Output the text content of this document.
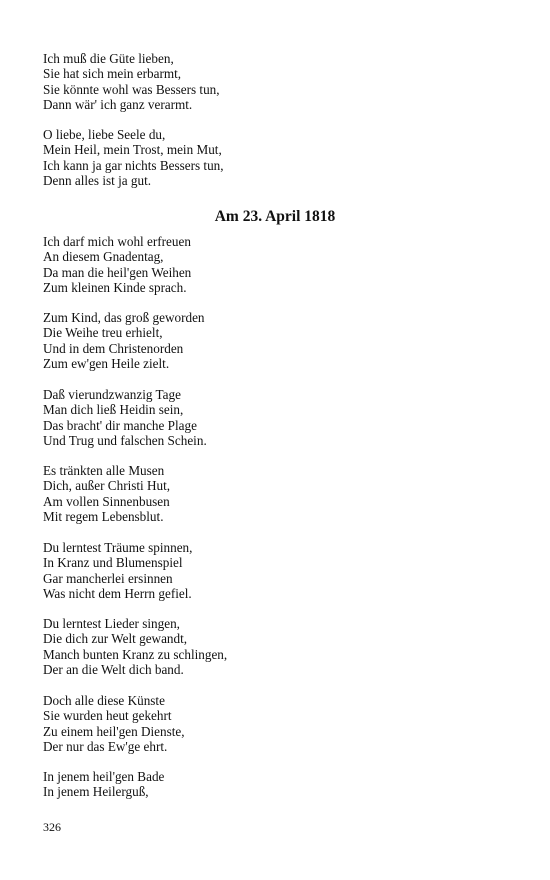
Ich muß die Güte lieben,
Sie hat sich mein erbarmt,
Sie könnte wohl was Bessers tun,
Dann wär' ich ganz verarmt.
O liebe, liebe Seele du,
Mein Heil, mein Trost, mein Mut,
Ich kann ja gar nichts Bessers tun,
Denn alles ist ja gut.
Am 23. April 1818
Ich darf mich wohl erfreuen
An diesem Gnadentag,
Da man die heil'gen Weihen
Zum kleinen Kinde sprach.
Zum Kind, das groß geworden
Die Weihe treu erhielt,
Und in dem Christenorden
Zum ew'gen Heile zielt.
Daß vierundzwanzig Tage
Man dich ließ Heidin sein,
Das bracht' dir manche Plage
Und Trug und falschen Schein.
Es tränkten alle Musen
Dich, außer Christi Hut,
Am vollen Sinnenbusen
Mit regem Lebensblut.
Du lerntest Träume spinnen,
In Kranz und Blumenspiel
Gar mancherlei ersinnen
Was nicht dem Herrn gefiel.
Du lerntest Lieder singen,
Die dich zur Welt gewandt,
Manch bunten Kranz zu schlingen,
Der an die Welt dich band.
Doch alle diese Künste
Sie wurden heut gekehrt
Zu einem heil'gen Dienste,
Der nur das Ew'ge ehrt.
In jenem heil'gen Bade
In jenem Heilerguß,
326
